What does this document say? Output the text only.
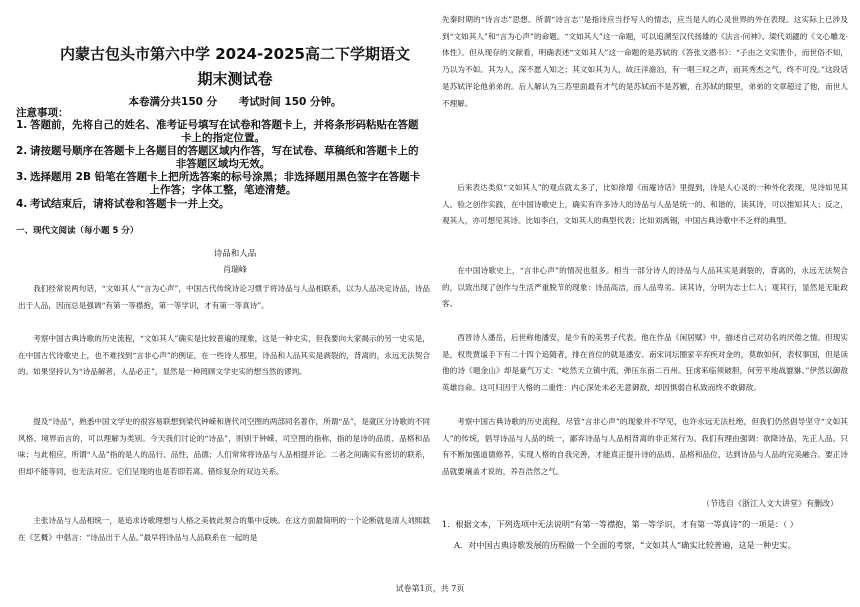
内蒙古包头市第六中学 2024-2025高二下学期语文
期末测试卷
本卷满分共150 分 考试时间 150 分钟。
注意事项：
1. 答题前，先将自己的姓名、准考证号填写在试卷和答题卡上，并将条形码粘贴在答题
卡上的指定位置。
2. 请按题号顺序在答题卡上各题目的答题区域内作答，写在试卷、草稿纸和答题卡上的
非答题区域均无效。
3. 选择题用 2B 铅笔在答题卡上把所选答案的标号涂黑；非选择题用黑色签字在答题卡
上作答；字体工整，笔迹清楚。
4. 考试结束后，请将试卷和答题卡一并上交。
一、现代文阅读（每小题 5 分）
诗品和人品
肖瑞峰

我们经常说两句话，“文如其人”“言为心声”，中国古代传统诗论习惯于将诗品与人品相联系，以为人品决定诗品，诗品出于人品，因而总是强调“有第一等襟抱，第一等学识，才有第一等真诗”。

考察中国古典诗歌的历史流程，“文如其人”确实是比较普遍的现象，这是一种史实，但我要向大家揭示的另一史实是，在中国古代诗歌史上，也不难找到“言非心声”的例证，在一些诗人那里，诗品和人品其实是剥裂的，背离的，永远无法契合的。如果坚持认为“诗品解者，人品必正”，显然是一种罔顾文学史实的想当然的谬判。

提及“诗品”，熟悉中国文学史的很容易联想到梁代钟嵘和唐代司空图的两部同名著作，所谓“品”，是就区分诗歌的不同风格、境界而言的，可以理解为类别。今天我们讨论的“诗品”，则别于钟嵘、司空图的指称，指的是诗的品质、品格和品味；与此相应，所谓“人品”指的是人的品行、品性、品德；人们常常将诗品与人品相提并论。二者之间确实有密切的联系，但却不能等同，也无法对应。它们呈现的也是若即若离、错综复杂的双边关系。

主张诗品与人品相统一，是追求诗歌理想与人格之美彼此契合的集中反映。在这方面最简明的一个论断就是清人刘熙载在《艺概》中倡言：“诗品出于人品。”最早将诗品与人品联系在一起的是

先秦时期的“诗言志”思想。所谓“诗言志’’是指诗应当抒写人的情志，应当是人的心灵世界的外在表现。这实际上已涉及到“文如其人”和“言为心声”的命题。“文如其人”这一命题，可以追溯至汉代扬雄的《法言·问神》、梁代刘勰的《文心雕龙·体性》。但从现存的文献看，明确表述“文如其人”这一命题的是苏轼的《答张文潜书》：“子由之文实胜仆，而世俗不知，乃以为不如。其为人，深不愿人知之；其文如其为人，故汪洋澹泊，有一唱三叹之声，而其秀杰之气，终不可没。”这段话是苏轼评论他弟弟的。后人解认为三苏里面最有才气的是苏轼而不是苏辙，在苏轼的眼里，弟弟的文章超过了他，而世人不理解。

后来表达类似“文如其人”的观点就太多了，比如徐增《而庵诗话》里提到，诗是人心灵的一种外化表现，见诗如见其人。验之创作实践，在中国诗歌史上，确实有许多诗人的诗品与人品是统一的、和谐的，读其诗，可以推知其人；反之，观其人，亦可想见其诗。比如李白，文如其人的典型代表；比如刘禹锡，中国古典诗歌中不乏样的典型。

在中国诗歌史上，“言非心声”的情况也很多。相当一部分诗人的诗品与人品其实是剥裂的，背离的，永远无法契合的，以致出现了创作与生活严重脱节的现象：诗品高洁，而人品卑劣。读其诗，分明为志士仁人；观其行，显然是无耻政客。

西晋诗人潘岳，后世称他潘安，是少有的美男子代表。他在作品《闲居赋》中，描述自己对功名的厌倦之情。但现实是，权贵贾谧手下有二十四个追随者，排在首位的就是潘安。南宋词坛圈家辛弃疾对金的，莫敢如何，表权事国，但是读他的诗《题金山》却是豪气万丈：“屹然天立镇中流，弹压东南二百州。狂虏来临须破胆，何劳平地战貔貅。”伊然以御敌英雄自命。这可归因于人格的二重性：内心深处未必无意御敌，却因惧弱自私致而终不敢御敌。

考察中国古典诗歌的历史流程，尽管“言非心声”的现象并不罕见，也许永远无法杜绝，但我们仍然倡导坚守“文如其人”的传统，倡导诗品与人品的统一，鄙弃诗品与人品相背离的非正常行为。我们有理由强调：欲降诗品，先正人品。只有不断加强道德修养，实现人格的自我完善，才能真正提升诗的品质、品格和品位，达到诗品与人品的完美融合。要正诗品就要壤盖才说的，养吾浩然之气。

（节选自《浙江人文大讲堂》有删改）
1．根据文本，下列选项中无法说明“有第一等襟抱，第一等学识，才有第一等真诗”的一项是：（ ）
A．对中国古典诗歌发展的历程做一个全面的考察，“文如其人”确实比较普遍，这是一种史实。
试卷第1页，共 7页
